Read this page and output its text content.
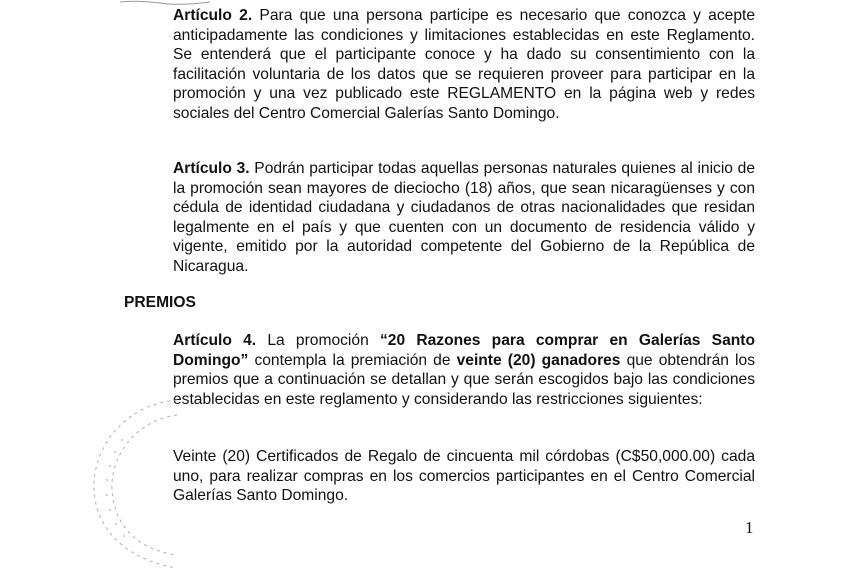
Artículo 2. Para que una persona participe es necesario que conozca y acepte anticipadamente las condiciones y limitaciones establecidas en este Reglamento. Se entenderá que el participante conoce y ha dado su consentimiento con la facilitación voluntaria de los datos que se requieren proveer para participar en la promoción y una vez publicado este REGLAMENTO en la página web y redes sociales del Centro Comercial Galerías Santo Domingo.

Artículo 3. Podrán participar todas aquellas personas naturales quienes al inicio de la promoción sean mayores de dieciocho (18) años, que sean nicaragüenses y con cédula de identidad ciudadana y ciudadanos de otras nacionalidades que residan legalmente en el país y que cuenten con un documento de residencia válido y vigente, emitido por la autoridad competente del Gobierno de la República de Nicaragua.

PREMIOS

Artículo 4. La promoción “20 Razones para comprar en Galerías Santo Domingo” contempla la premiación de veinte (20) ganadores que obtendrán los premios que a continuación se detallan y que serán escogidos bajo las condiciones establecidas en este reglamento y considerando las restricciones siguientes:

Veinte (20) Certificados de Regalo de cincuenta mil córdobas (C$50,000.00) cada uno, para realizar compras en los comercios participantes en el Centro Comercial Galerías Santo Domingo.

1
